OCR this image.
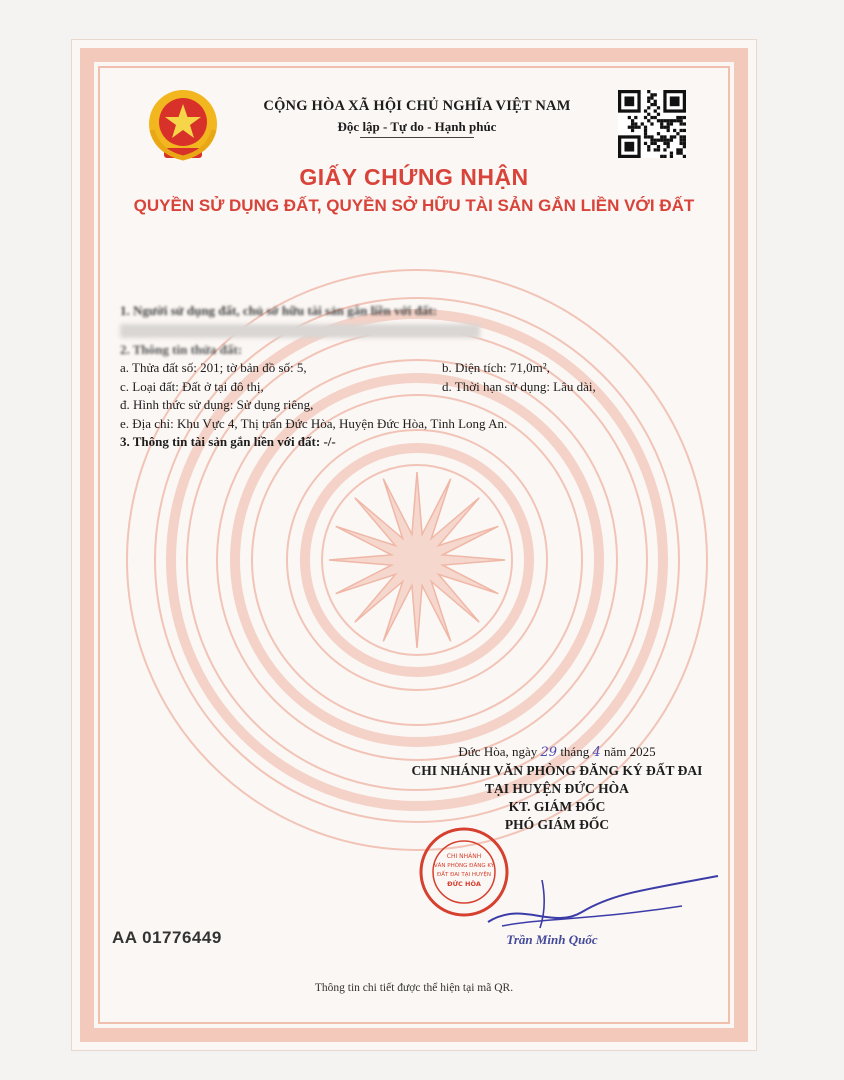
CỘNG HÒA XÃ HỘI CHỦ NGHĨA VIỆT NAM
Độc lập - Tự do - Hạnh phúc
GIẤY CHỨNG NHẬN
QUYỀN SỬ DỤNG ĐẤT, QUYỀN SỞ HỮU TÀI SẢN GẮN LIỀN VỚI ĐẤT
1. Người sử dụng đất, chủ sở hữu tài sản gắn liền với đất:
2. Thông tin thửa đất:
a. Thửa đất số: 201; tờ bản đồ số: 5,	b. Diện tích: 71,0m²,
c. Loại đất: Đất ở tại đô thị,	d. Thời hạn sử dụng: Lâu dài,
đ. Hình thức sử dụng: Sử dụng riêng,
e. Địa chỉ: Khu Vực 4, Thị trấn Đức Hòa, Huyện Đức Hòa, Tỉnh Long An.
3. Thông tin tài sản gắn liền với đất: -/-
Đức Hòa, ngày 29 tháng 4 năm 2025
CHI NHÁNH VĂN PHÒNG ĐĂNG KÝ ĐẤT ĐAI
TẠI HUYỆN ĐỨC HÒA
KT. GIÁM ĐỐC
PHÓ GIÁM ĐỐC
CHI NHÁNH
VĂN PHÒNG ĐĂNG KÝ
ĐẤT ĐAI TẠI HUYỆN
ĐỨC HÒA
Trần Minh Quốc
AA 01776449
Thông tin chi tiết được thể hiện tại mã QR.
